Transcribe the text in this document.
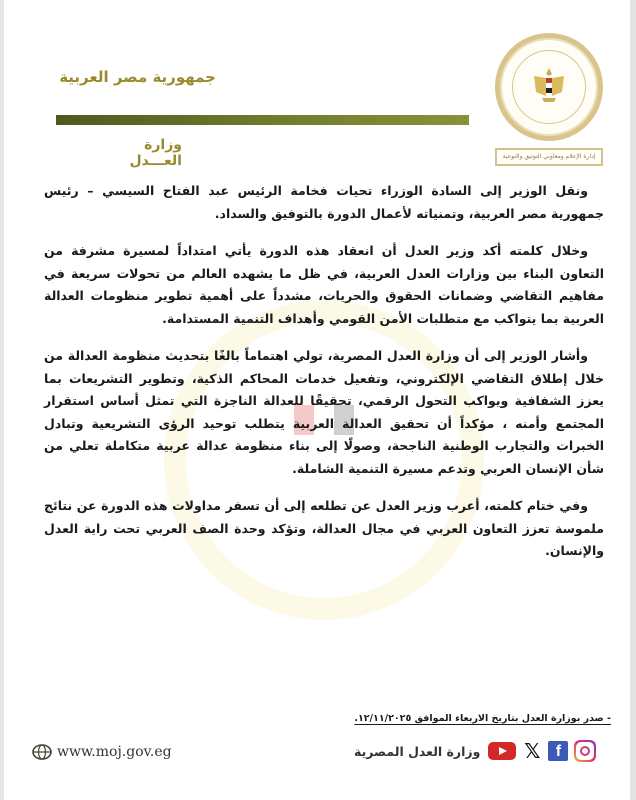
جمهورية مصر العربية
وزارة العـــدل	إدارة الإعلام ومعاوني التوثيق والتوعية

ونقل الوزير إلى السادة الوزراء تحيات فخامة الرئيس عبد الفتاح السيسي – رئيس جمهورية مصر العربية، وتمنياته لأعمال الدورة بالتوفيق والسداد.

وخلال كلمته أكد وزير العدل أن انعقاد هذه الدورة يأتي امتداداً لمسيرة مشرفة من التعاون البناء بين وزارات العدل العربية، في ظل ما يشهده العالم من تحولات سريعة في مفاهيم التقاضي وضمانات الحقوق والحريات، مشدداً على أهمية تطوير منظومات العدالة العربية بما يتواكب مع متطلبات الأمن القومي وأهداف التنمية المستدامة.

وأشار الوزير إلى أن وزارة العدل المصرية، تولي اهتماماً بالغًا بتحديث منظومة العدالة من خلال إطلاق التقاضي الإلكتروني، وتفعيل خدمات المحاكم الذكية، وتطوير التشريعات بما يعزز الشفافية ويواكب التحول الرقمي، تحقيقًا للعدالة الناجزة التي تمثل أساس استقرار المجتمع وأمنه ، مؤكداً أن تحقيق العدالة العربية يتطلب توحيد الرؤى التشريعية وتبادل الخبرات والتجارب الوطنية الناجحة، وصولًا إلى بناء منظومة عدالة عربية متكاملة تعلي من شأن الإنسان العربي وتدعم مسيرة التنمية الشاملة.

وفي ختام كلمته، أعرب وزير العدل عن تطلعه إلى أن تسفر مداولات هذه الدورة عن نتائج ملموسة تعزز التعاون العربي في مجال العدالة، وتؤكد وحدة الصف العربي تحت راية العدل والإنسان.

- صدر بوزارة العدل بتاريخ الاربعاء الموافق ١٢/١١/٢٠٢٥.
www.moj.gov.eg	وزارة العدل المصرية 𝕏 f
